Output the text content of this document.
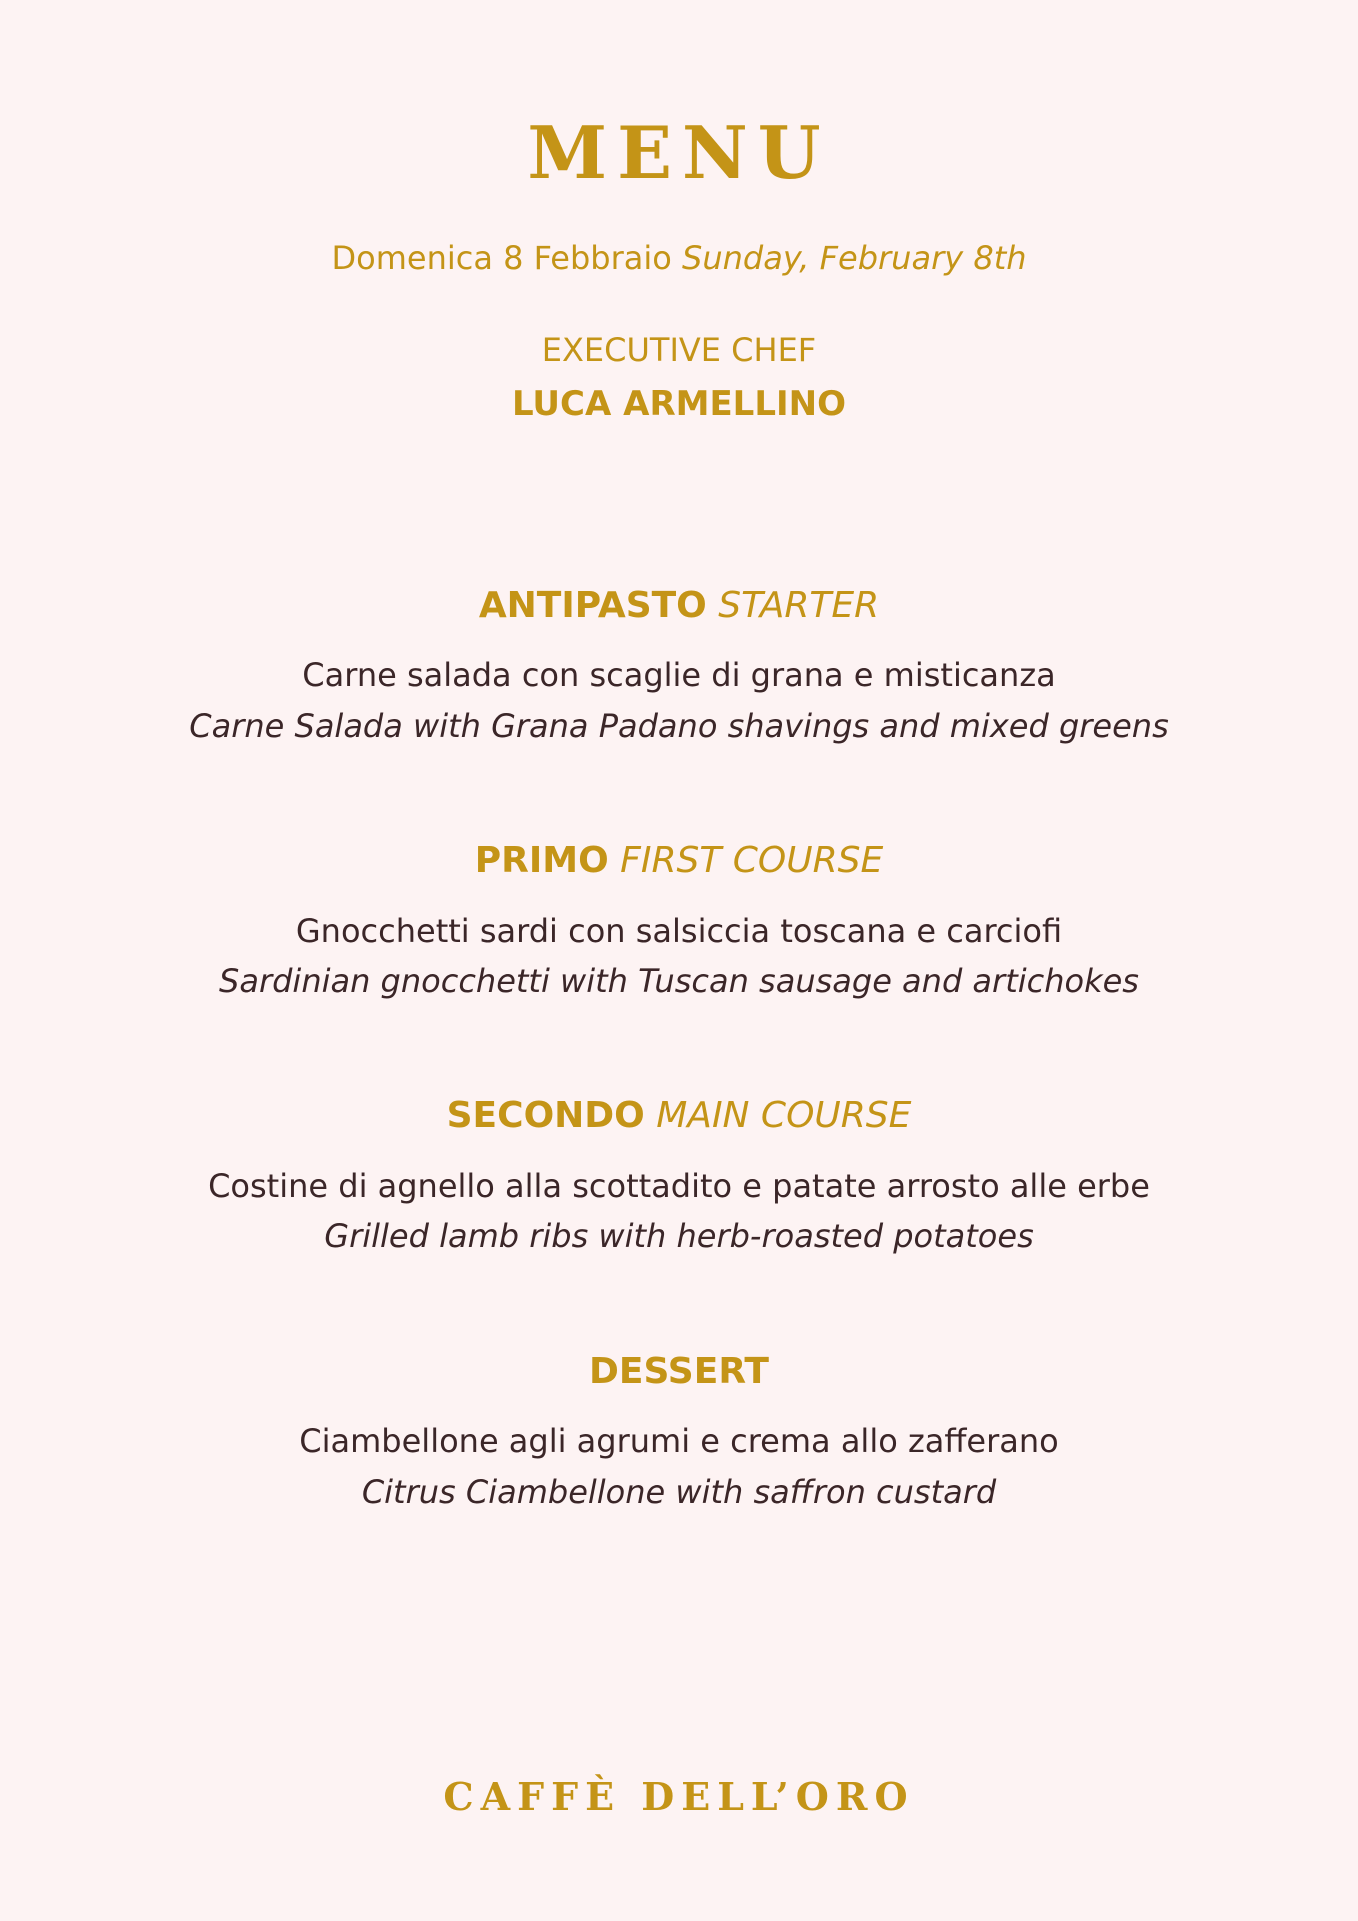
MENU
Domenica 8 Febbraio Sunday, February 8th
EXECUTIVE CHEF
LUCA ARMELLINO
ANTIPASTO STARTER
Carne salada con scaglie di grana e misticanza
Carne Salada with Grana Padano shavings and mixed greens
PRIMO FIRST COURSE
Gnocchetti sardi con salsiccia toscana e carciofi
Sardinian gnocchetti with Tuscan sausage and artichokes
SECONDO MAIN COURSE
Costine di agnello alla scottadito e patate arrosto alle erbe
Grilled lamb ribs with herb-roasted potatoes
DESSERT
Ciambellone agli agrumi e crema allo zafferano
Citrus Ciambellone with saffron custard
CAFFÈ DELL’ORO
